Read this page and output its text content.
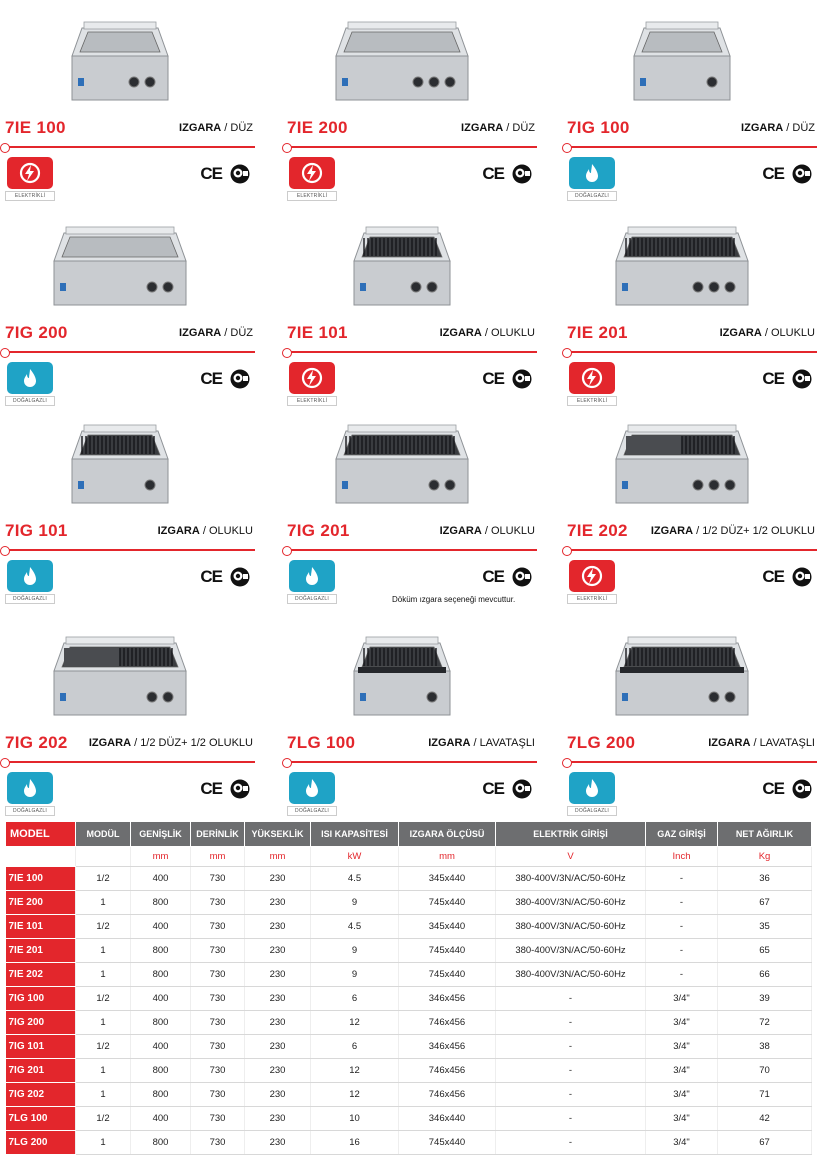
7IE 100	IZGARA / DÜZ
ELEKTRİKLİ
CE
7IE 200	IZGARA / DÜZ
ELEKTRİKLİ
CE
7IG 100	IZGARA / DÜZ
DOĞALGAZLI
CE
7IG 200	IZGARA / DÜZ
DOĞALGAZLI
CE
7IE 101	IZGARA / OLUKLU
ELEKTRİKLİ
CE
7IE 201	IZGARA / OLUKLU
ELEKTRİKLİ
CE
7IG 101	IZGARA / OLUKLU
DOĞALGAZLI
CE
7IG 201	IZGARA / OLUKLU
DOĞALGAZLI
CE
Döküm ızgara seçeneği mevcuttur.
7IE 202 IZGARA / 1/2 DÜZ+ 1/2 OLUKLU
ELEKTRİKLİ
CE
7IG 202 IZGARA / 1/2 DÜZ+ 1/2 OLUKLU
DOĞALGAZLI
CE
7LG 100	IZGARA / LAVATAŞLI
DOĞALGAZLI
CE
7LG 200	IZGARA / LAVATAŞLI
DOĞALGAZLI
CE
MODEL	MODÜL	GENİŞLİK	DERİNLİK	YÜKSEKLİK	ISI KAPASİTESİ	IZGARA ÖLÇÜSÜ	ELEKTRİK GİRİŞİ	GAZ GİRİŞİ	NET AĞIRLIK
		mm	mm	mm	kW	mm	V	Inch	Kg
7IE 100	1/2	400	730	230	4.5	345x440	380-400V/3N/AC/50-60Hz	-	36
7IE 200	1	800	730	230	9	745x440	380-400V/3N/AC/50-60Hz	-	67
7IE 101	1/2	400	730	230	4.5	345x440	380-400V/3N/AC/50-60Hz	-	35
7IE 201	1	800	730	230	9	745x440	380-400V/3N/AC/50-60Hz	-	65
7IE 202	1	800	730	230	9	745x440	380-400V/3N/AC/50-60Hz	-	66
7IG 100	1/2	400	730	230	6	346x456	-	3/4"	39
7IG 200	1	800	730	230	12	746x456	-	3/4"	72
7IG 101	1/2	400	730	230	6	346x456	-	3/4"	38
7IG 201	1	800	730	230	12	746x456	-	3/4"	70
7IG 202	1	800	730	230	12	746x456	-	3/4"	71
7LG 100	1/2	400	730	230	10	346x440	-	3/4"	42
7LG 200	1	800	730	230	16	745x440	-	3/4"	67
